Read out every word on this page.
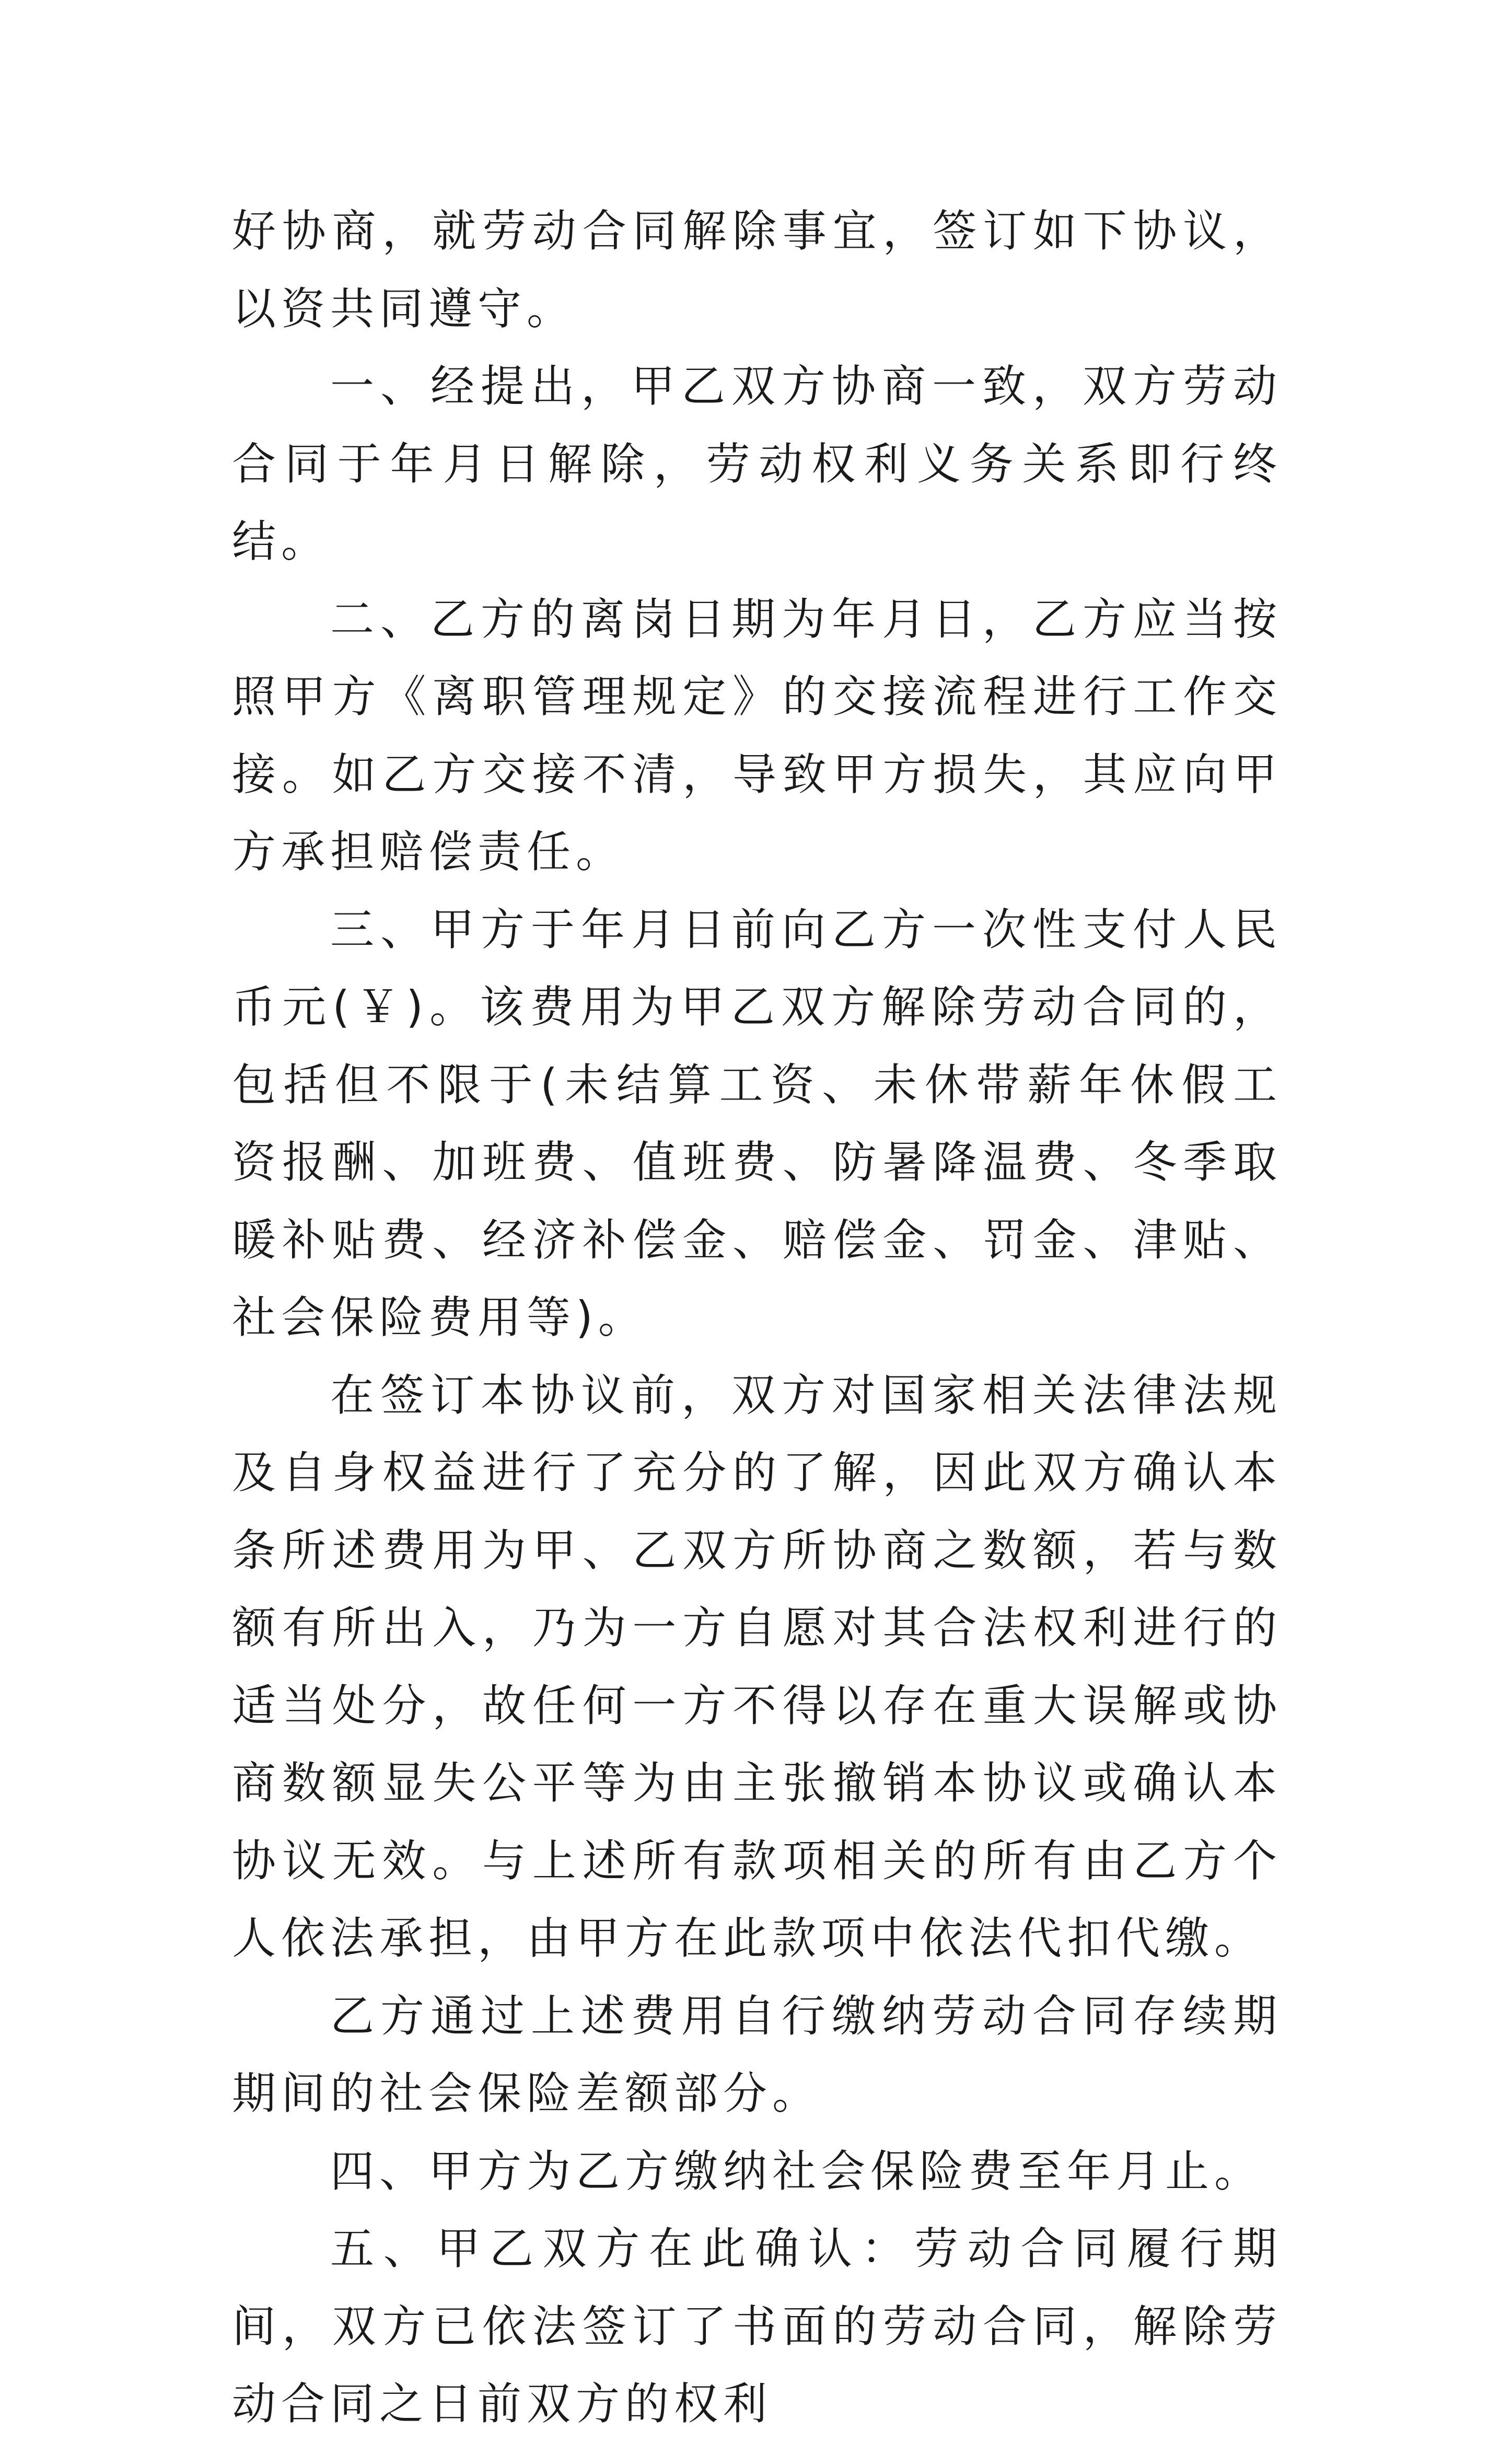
好协商，就劳动合同解除事宜，签订如下协议，以资共同遵守。

一、经提出，甲乙双方协商一致，双方劳动合同于年月日解除，劳动权利义务关系即行终结。

二、乙方的离岗日期为年月日，乙方应当按照甲方《离职管理规定》的交接流程进行工作交接。如乙方交接不清，导致甲方损失，其应向甲方承担赔偿责任。

三、甲方于年月日前向乙方一次性支付人民币元(￥)。该费用为甲乙双方解除劳动合同的，包括但不限于(未结算工资、未休带薪年休假工资报酬、加班费、值班费、防暑降温费、冬季取暖补贴费、经济补偿金、赔偿金、罚金、津贴、社会保险费用等)。

在签订本协议前，双方对国家相关法律法规及自身权益进行了充分的了解，因此双方确认本条所述费用为甲、乙双方所协商之数额，若与数额有所出入，乃为一方自愿对其合法权利进行的适当处分，故任何一方不得以存在重大误解或协商数额显失公平等为由主张撤销本协议或确认本协议无效。与上述所有款项相关的所有由乙方个人依法承担，由甲方在此款项中依法代扣代缴。

乙方通过上述费用自行缴纳劳动合同存续期期间的社会保险差额部分。

四、甲方为乙方缴纳社会保险费至年月止。

五、甲乙双方在此确认：劳动合同履行期间，双方已依法签订了书面的劳动合同，解除劳动合同之日前双方的权利
